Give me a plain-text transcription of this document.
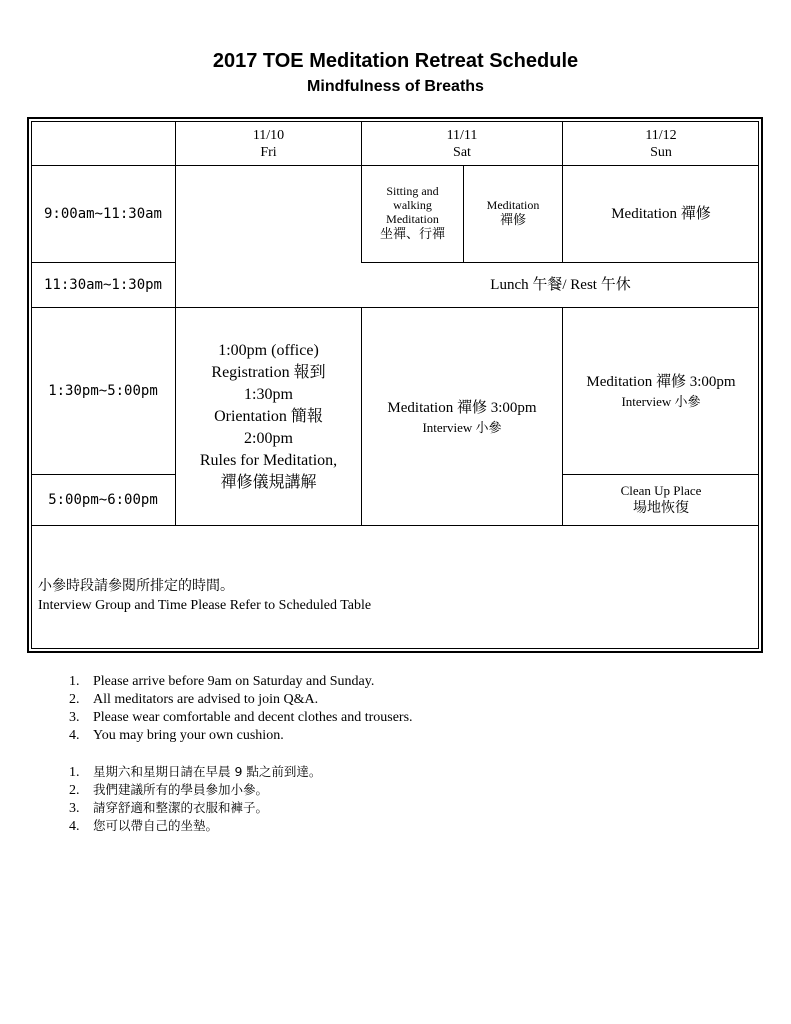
2017 TOE Meditation Retreat Schedule
Mindfulness of Breaths
11/10
Fri
11/11
Sat
11/12
Sun
9:00am~11:30am
11:30am~1:30pm
1:30pm~5:00pm
5:00pm~6:00pm
Sitting and
walking
Meditation
坐禪、行禪
Meditation
禪修	Meditation 禪修
Lunch 午餐/ Rest 午休
1:00pm (office)
Registration 報到
1:30pm
Orientation 簡報
2:00pm
Rules for Meditation,
禪修儀規講解
Meditation 禪修 3:00pm
Interview 小參
Meditation 禪修 3:00pm
Interview 小參
Clean Up Place
場地恢復
小參時段請參閱所排定的時間。
Interview Group and Time Please Refer to Scheduled Table
1. Please arrive before 9am on Saturday and Sunday.
2. All meditators are advised to join Q&A.
3. Please wear comfortable and decent clothes and trousers.
4. You may bring your own cushion.
1. 星期六和星期日請在早晨 9 點之前到達。
2. 我們建議所有的學員參加小參。
3. 請穿舒適和整潔的衣服和褲子。
4. 您可以帶自己的坐墊。
